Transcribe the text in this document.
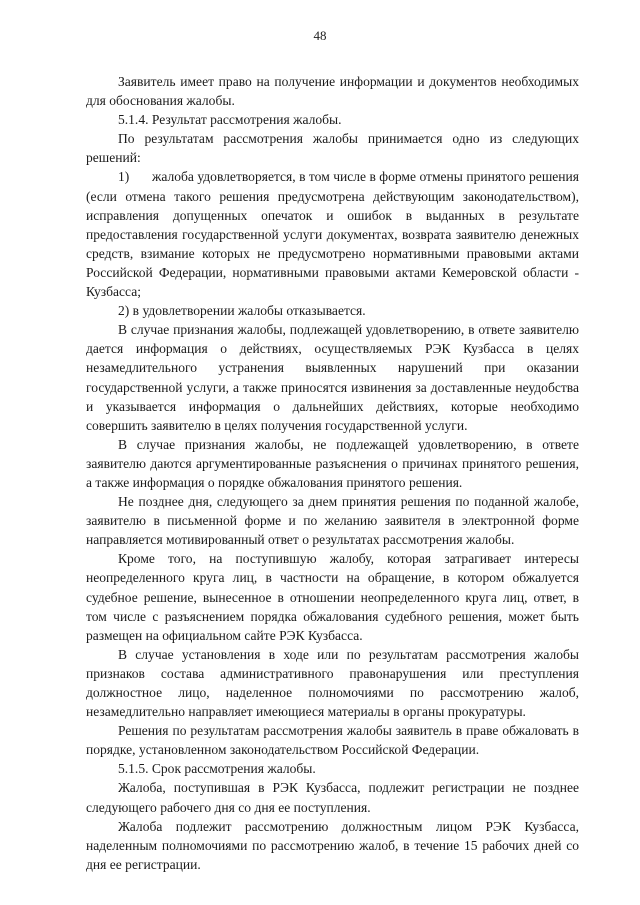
48

Заявитель имеет право на получение информации и документов необходимых для обоснования жалобы.

5.1.4. Результат рассмотрения жалобы.

По результатам рассмотрения жалобы принимается одно из следующих решений:

1) жалоба удовлетворяется, в том числе в форме отмены принятого решения (если отмена такого решения предусмотрена действующим законодательством), исправления допущенных опечаток и ошибок в выданных в результате предоставления государственной услуги документах, возврата заявителю денежных средств, взимание которых не предусмотрено нормативными правовыми актами Российской Федерации, нормативными правовыми актами Кемеровской области - Кузбасса;

2) в удовлетворении жалобы отказывается.

В случае признания жалобы, подлежащей удовлетворению, в ответе заявителю дается информация о действиях, осуществляемых РЭК Кузбасса в целях незамедлительного устранения выявленных нарушений при оказании государственной услуги, а также приносятся извинения за доставленные неудобства и указывается информация о дальнейших действиях, которые необходимо совершить заявителю в целях получения государственной услуги.

В случае признания жалобы, не подлежащей удовлетворению, в ответе заявителю даются аргументированные разъяснения о причинах принятого решения, а также информация о порядке обжалования принятого решения.

Не позднее дня, следующего за днем принятия решения по поданной жалобе, заявителю в письменной форме и по желанию заявителя в электронной форме направляется мотивированный ответ о результатах рассмотрения жалобы.

Кроме того, на поступившую жалобу, которая затрагивает интересы неопределенного круга лиц, в частности на обращение, в котором обжалуется судебное решение, вынесенное в отношении неопределенного круга лиц, ответ, в том числе с разъяснением порядка обжалования судебного решения, может быть размещен на официальном сайте РЭК Кузбасса.

В случае установления в ходе или по результатам рассмотрения жалобы признаков состава административного правонарушения или преступления должностное лицо, наделенное полномочиями по рассмотрению жалоб, незамедлительно направляет имеющиеся материалы в органы прокуратуры.

Решения по результатам рассмотрения жалобы заявитель в праве обжаловать в порядке, установленном законодательством Российской Федерации.

5.1.5. Срок рассмотрения жалобы.

Жалоба, поступившая в РЭК Кузбасса, подлежит регистрации не позднее следующего рабочего дня со дня ее поступления.

Жалоба подлежит рассмотрению должностным лицом РЭК Кузбасса, наделенным полномочиями по рассмотрению жалоб, в течение 15 рабочих дней со дня ее регистрации.
